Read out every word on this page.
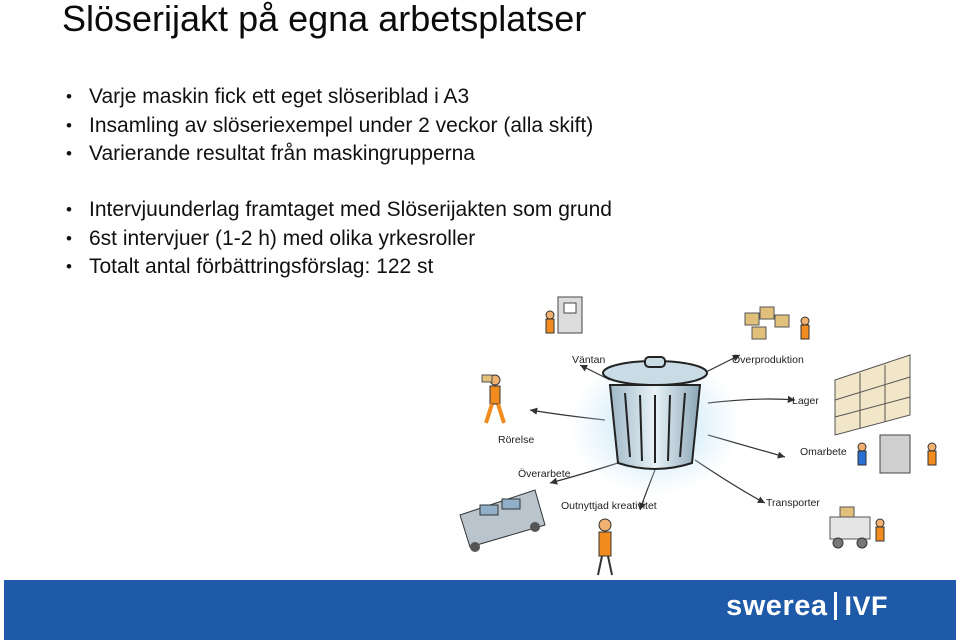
Slöserijakt på egna arbetsplatser
• Varje maskin fick ett eget slöseriblad i A3
• Insamling av slöseriexempel under 2 veckor (alla skift)
• Varierande resultat från maskingrupperna
• Intervjuunderlag framtaget med Slöserijakten som grund
• 6st intervjuer (1-2 h) med olika yrkesroller
• Totalt antal förbättringsförslag: 122 st
Väntan	Överproduktion
Lager
Omarbete
Transporter
Outnyttjad kreativitet
Överarbete
Rörelse
swerea IVF
